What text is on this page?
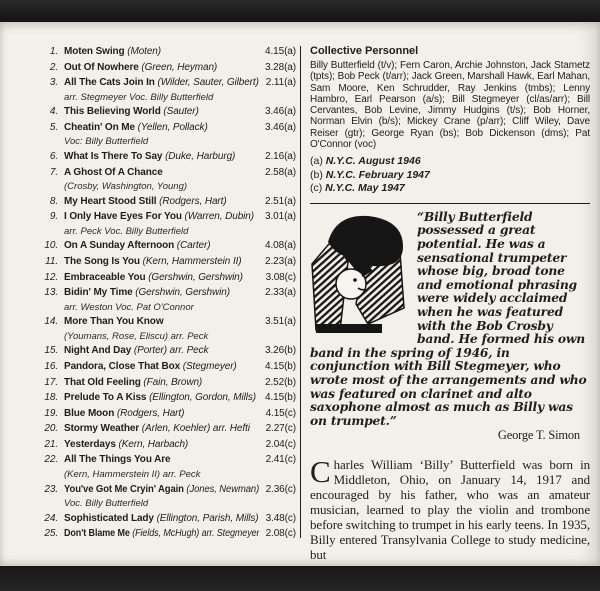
1. Moten Swing (Moten)	4.15(a)
2. Out Of Nowhere (Green, Heyman)	3.28(a)
3. All The Cats Join In (Wilder, Sauter, Gilbert) 2.11(a)
arr. Stegmeyer Voc. Billy Butterfield
4. This Believing World (Sauter)	3.46(a)
5. Cheatin' On Me (Yellen, Pollack)	3.46(a)
Voc: Billy Butterfield
6. What Is There To Say (Duke, Harburg)	2.16(a)
7. A Ghost Of A Chance	2.58(a)
(Crosby, Washington, Young)
8. My Heart Stood Still (Rodgers, Hart)	2.51(a)
9. I Only Have Eyes For You (Warren, Dubin)	3.01(a)
arr. Peck Voc. Billy Butterfield
10. On A Sunday Afternoon (Carter)	4.08(a)
11. The Song Is You (Kern, Hammerstein II)	2.23(a)
12. Embraceable You (Gershwin, Gershwin)	3.08(c)
13. Bidin' My Time (Gershwin, Gershwin)	2.33(a)
arr. Weston Voc. Pat O'Connor
14. More Than You Know	3.51(a)
(Youmans, Rose, Eliscu) arr. Peck
15. Night And Day (Porter) arr. Peck	3.26(b)
16. Pandora, Close That Box (Stegmeyer)	4.15(b)
17. That Old Feeling (Fain, Brown)	2.52(b)
18. Prelude To A Kiss (Ellington, Gordon, Mills) 4.15(b)
19. Blue Moon (Rodgers, Hart)	4.15(c)
20. Stormy Weather (Arlen, Koehler) arr. Hefti	2.27(c)
21. Yesterdays (Kern, Harbach)	2.04(c)
22. All The Things You Are	2.41(c)
(Kern, Hammerstein II) arr. Peck
23. You've Got Me Cryin' Again (Jones, Newman) 2.36(c)
Voc. Billy Butterfield
24. Sophisticated Lady (Ellington, Parish, Mills) 3.48(c)
25. Don't Blame Me (Fields, McHugh) arr. Stegmeyer 2.08(c)
Collective Personnel
Billy Butterfield (t/v); Fern Caron, Archie Johnston, Jack Stametz (tpts); Bob Peck (t/arr); Jack Green, Marshall Hawk, Earl Mahan, Sam Moore, Ken Schrudder, Ray Jenkins (tmbs); Lenny Hambro, Earl Pearson (a/s); Bill Stegmeyer (cl/as/arr); Bill Cervantes, Bob Levine, Jimmy Hudgins (t/s); Bob Horner, Norman Elvin (b/s); Mickey Crane (p/arr); Cliff Wiley, Dave Reiser (gtr); George Ryan (bs); Bob Dickenson (dms); Pat O'Connor (voc)
(a) N.Y.C. August 1946
(b) N.Y.C. February 1947
(c) N.Y.C. May 1947
“Billy Butterfield possessed a great potential. He was a sensational trumpeter whose big, broad tone and emotional phrasing were widely acclaimed when he was featured with the Bob Crosby band. He formed his own band in the spring of 1946, in conjunction with Bill Stegmeyer, who wrote most of the arrangements and who was featured on clarinet and alto saxophone almost as much as Billy was on trumpet.”
George T. Simon
Charles William ‘Billy’ Butterfield was born in Middleton, Ohio, on January 14, 1917 and encouraged by his father, who was an amateur musician, learned to play the violin and trombone before switching to trumpet in his early teens. In 1935, Billy entered Transylvania College to study medicine, but
